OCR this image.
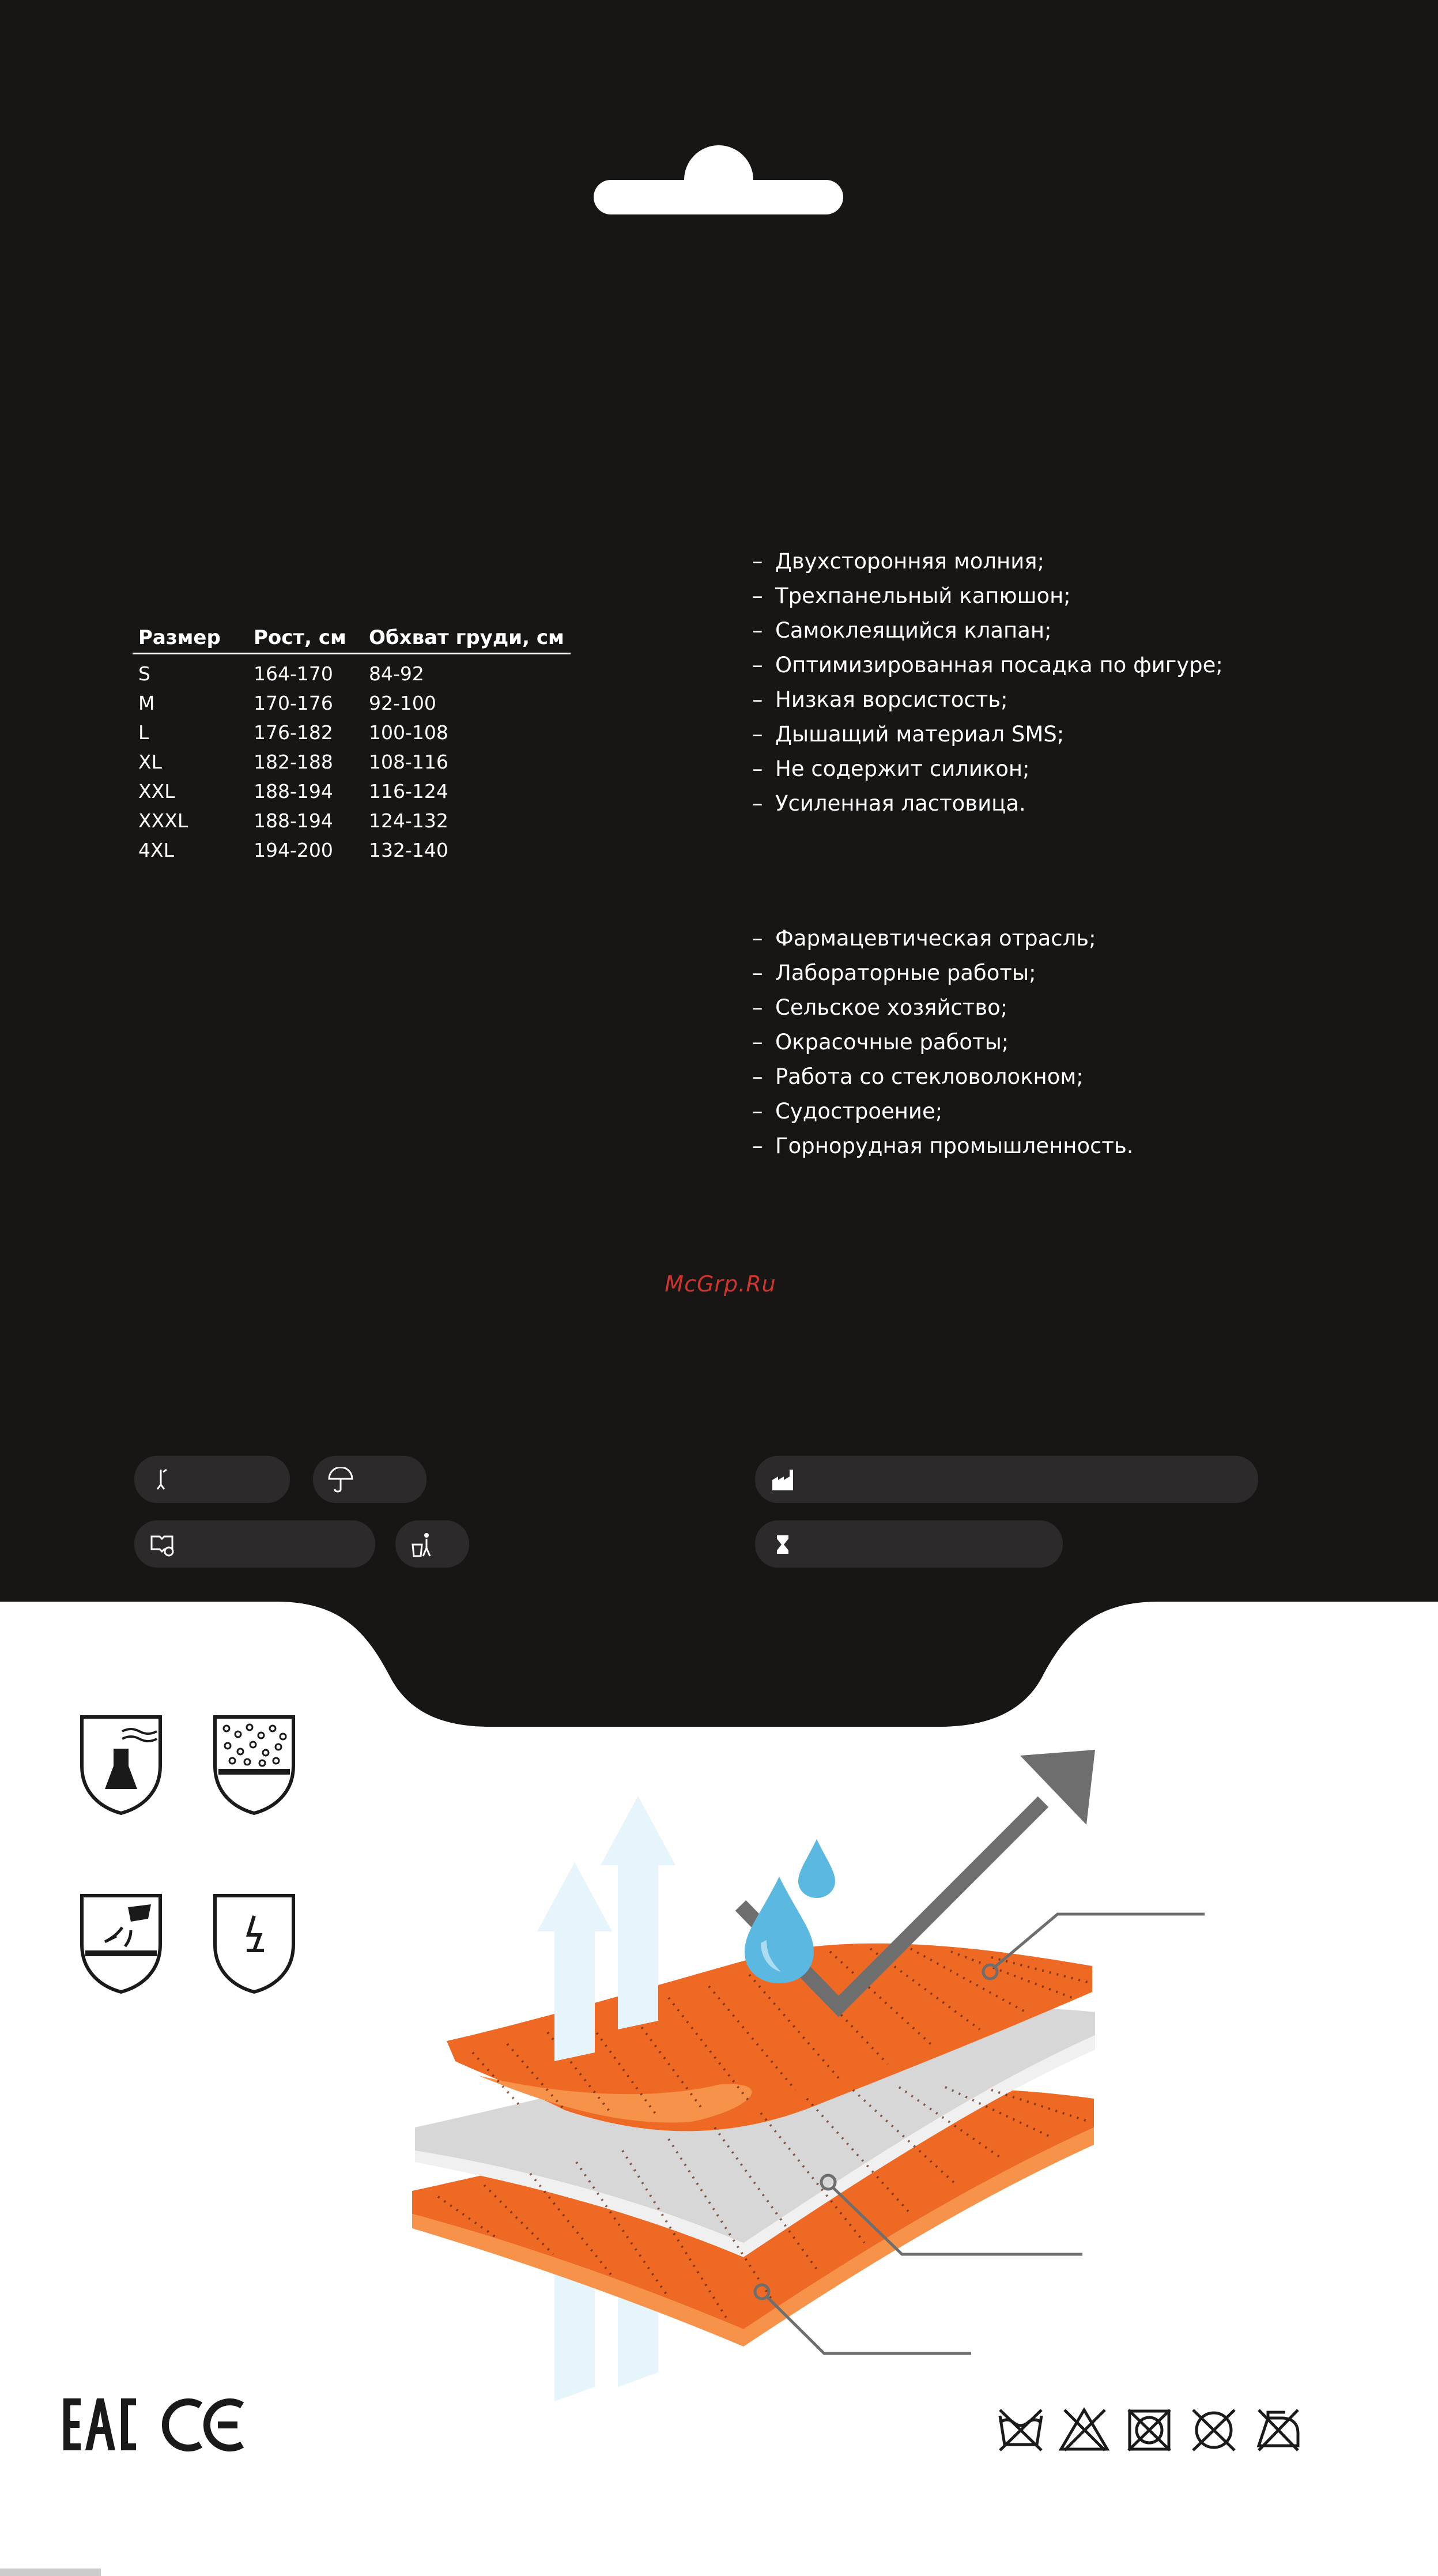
Размер	Рост, см	Обхват груди, см
S	164-170	84-92
M	170-176	92-100
L	176-182	100-108
XL	182-188	108-116
XXL	188-194	116-124
XXXL	188-194	124-132
4XL	194-200	132-140
– Двухсторонняя молния;
– Трехпанельный капюшон;
– Самоклеящийся клапан;
– Оптимизированная посадка по фигуре;
– Низкая ворсистость;
– Дышащий материал SMS;
– Не содержит силикон;
– Усиленная ластовица.
– Фармацевтическая отрасль;
– Лабораторные работы;
– Сельское хозяйство;
– Окрасочные работы;
– Работа со стекловолокном;
– Судостроение;
– Горнорудная промышленность.
McGrp.Ru
